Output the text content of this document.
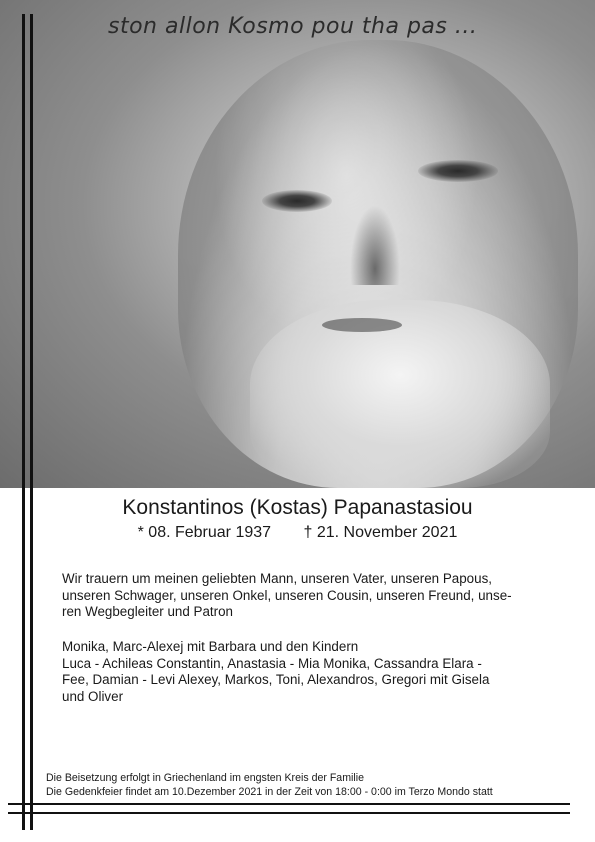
ston allon Kosmo pou tha pas ...
Konstantinos (Kostas) Papanastasiou
* 08. Februar 1937 † 21. November 2021
Wir trauern um meinen geliebten Mann, unseren Vater, unseren Papous,
unseren Schwager, unseren Onkel, unseren Cousin, unseren Freund, unse-
ren Wegbegleiter und Patron
Monika, Marc-Alexej mit Barbara und den Kindern
Luca - Achileas Constantin, Anastasia - Mia Monika, Cassandra Elara -
Fee, Damian - Levi Alexey, Markos, Toni, Alexandros, Gregori mit Gisela
und Oliver
Die Beisetzung erfolgt in Griechenland im engsten Kreis der Familie
Die Gedenkfeier findet am 10.Dezember 2021 in der Zeit von 18:00 - 0:00 im Terzo Mondo statt
